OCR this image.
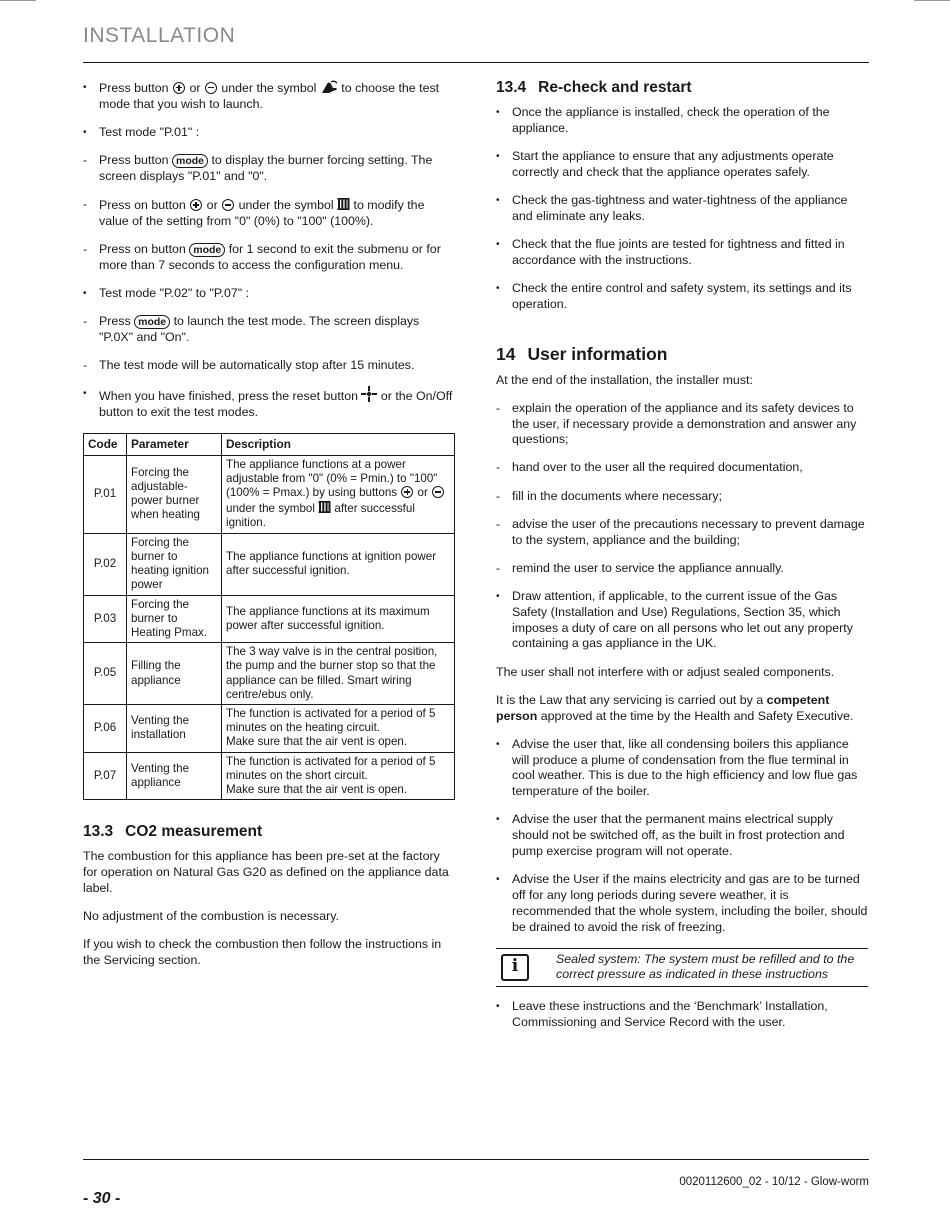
INSTALLATION
• Press button  or  under the symbol  to choose the test mode that you wish to launch.
• Test mode "P.01" :
- Press button mode to display the burner forcing setting. The screen displays "P.01" and "0".
- Press on button  or  under the symbol  to modify the value of the setting from "0" (0%) to "100" (100%).
- Press on button mode for 1 second to exit the submenu or for more than 7 seconds to access the configuration menu.
• Test mode "P.02" to "P.07" :
- Press mode to launch the test mode. The screen displays "P.0X" and "On".
- The test mode will be automatically stop after 15 minutes.
• When you have finished, press the reset button  or the On/Off button to exit the test modes.
Code	Parameter	Description
P.01	Forcing the adjustable-power burner when heating	The appliance functions at a power adjustable from "0" (0% = Pmin.) to "100" (100% = Pmax.) by using buttons  or  under the symbol  after successful ignition.
P.02	Forcing the burner to heating ignition power	The appliance functions at ignition power after successful ignition.
P.03	Forcing the burner to Heating Pmax.	The appliance functions at its maximum power after successful ignition.
P.05	Filling the appliance	The 3 way valve is in the central position, the pump and the burner stop so that the appliance can be filled. Smart wiring centre/ebus only.
P.06	Venting the installation	The function is activated for a period of 5 minutes on the heating circuit.
Make sure that the air vent is open.
P.07	Venting the appliance	The function is activated for a period of 5 minutes on the short circuit.
Make sure that the air vent is open.
13.3 CO2 measurement

The combustion for this appliance has been pre-set at the factory for operation on Natural Gas G20 as defined on the appliance data label.

No adjustment of the combustion is necessary.

If you wish to check the combustion then follow the instructions in the Servicing section.

13.4 Re-check and restart
• Once the appliance is installed, check the operation of the appliance.
• Start the appliance to ensure that any adjustments operate correctly and check that the appliance operates safely.
• Check the gas-tightness and water-tightness of the appliance and eliminate any leaks.
• Check that the flue joints are tested for tightness and fitted in accordance with the instructions.
• Check the entire control and safety system, its settings and its operation.
14 User information

At the end of the installation, the installer must:

- explain the operation of the appliance and its safety devices to the user, if necessary provide a demonstration and answer any questions;
- hand over to the user all the required documentation,
- fill in the documents where necessary;
- advise the user of the precautions necessary to prevent damage to the system, appliance and the building;
- remind the user to service the appliance annually.
• Draw attention, if applicable, to the current issue of the Gas Safety (Installation and Use) Regulations, Section 35, which imposes a duty of care on all persons who let out any property containing a gas appliance in the UK.

The user shall not interfere with or adjust sealed components.

It is the Law that any servicing is carried out by a competent person approved at the time by the Health and Safety Executive.

• Advise the user that, like all condensing boilers this appliance will produce a plume of condensation from the flue terminal in cool weather. This is due to the high efficiency and low flue gas temperature of the boiler.
• Advise the user that the permanent mains electrical supply should not be switched off, as the built in frost protection and pump exercise program will not operate.
• Advise the User if the mains electricity and gas are to be turned off for any long periods during severe weather, it is recommended that the whole system, including the boiler, should be drained to avoid the risk of freezing.
i	Sealed system: The system must be refilled and to the correct pressure as indicated in these instructions
• Leave these instructions and the ‘Benchmark’ Installation, Commissioning and Service Record with the user.
0020112600_02 - 10/12 - Glow-worm
- 30 -
